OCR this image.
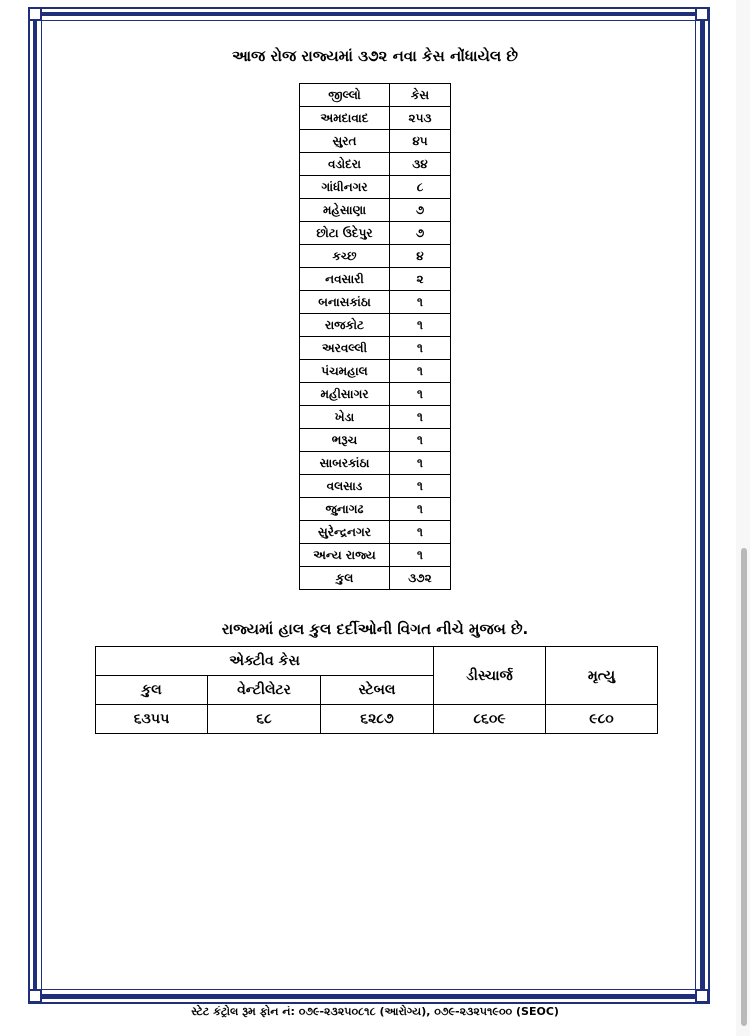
આજ રોજ રાજ્યમાં ૩૭૨ નવા કેસ નોંધાયેલ છે
જીલ્લો	કેસ
અમદાવાદ	૨૫૩
સુરત	૪૫
વડોદરા	૩૪
ગાંધીનગર	૮
મહેસાણા	૭
છોટા ઉદેપુર	૭
કચ્છ	૪
નવસારી	૨
બનાસકાંઠા	૧
રાજકોટ	૧
અરવલ્લી	૧
પંચમહાલ	૧
મહીસાગર	૧
ખેડા	૧
ભરૂચ	૧
સાબરકાંઠા	૧
વલસાડ	૧
જુનાગઢ	૧
સુરેન્દ્રનગર	૧
અન્ય રાજ્ય	૧
કુલ	૩૭૨
રાજ્યમાં હાલ કુલ દર્દીઓની વિગત નીચે મુજબ છે.
એક્ટીવ કેસ			ડીસ્ચાર્જ	મૃત્યુ
કુલ	વેન્ટીલેટર	સ્ટેબલ		
૬૩૫૫	૬૮	૬૨૮૭	૮૬૦૯	૯૮૦
સ્ટેટ કંટ્રોલ રૂમ ફોન નં: ૦૭૯-૨૩૨૫૦૮૧૮ (આરોગ્ય), ૦૭૯-૨૩૨૫૧૯૦૦ (SEOC)
